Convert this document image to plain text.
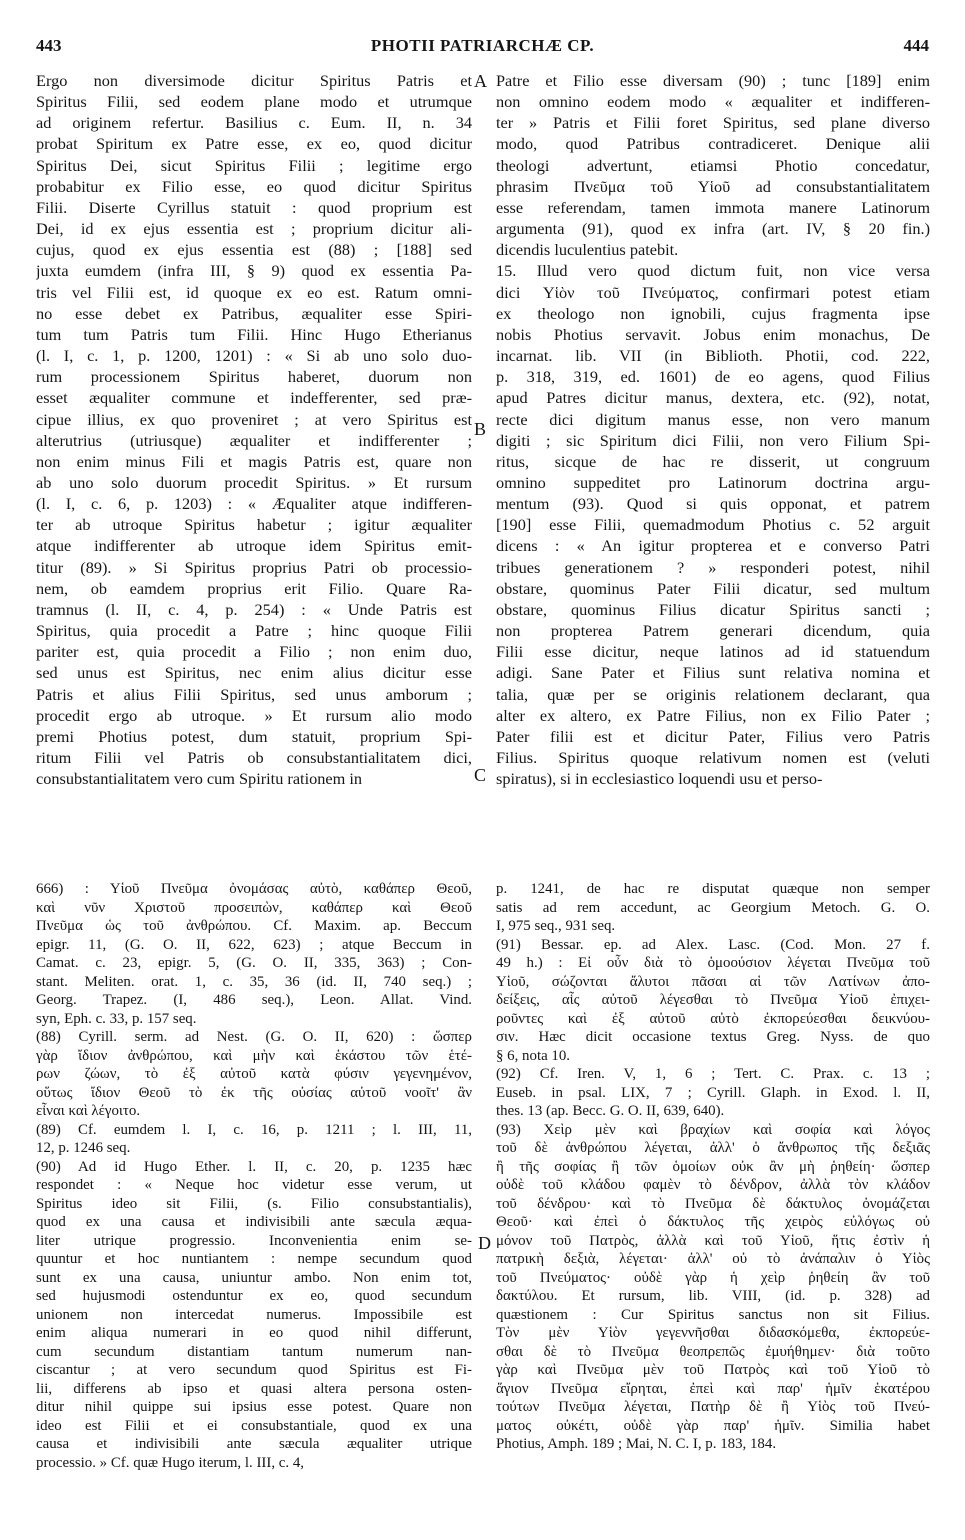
443	PHOTII PATRIARCHÆ CP.	444
Ergo non diversimode dicitur Spiritus Patris et
Spiritus Filii, sed eodem plane modo et utrumque
ad originem refertur. Basilius c. Eum. II, n. 34
probat Spiritum ex Patre esse, ex eo, quod dicitur
Spiritus Dei, sicut Spiritus Filii ; legitime ergo
probabitur ex Filio esse, eo quod dicitur Spiritus
Filii. Diserte Cyrillus statuit : quod proprium est
Dei, id ex ejus essentia est ; proprium dicitur ali-
cujus, quod ex ejus essentia est (88) ; [188] sed
juxta eumdem (infra III, § 9) quod ex essentia Pa-
tris vel Filii est, id quoque ex eo est. Ratum omni-
no esse debet ex Patribus, æqualiter esse Spiri-
tum tum Patris tum Filii. Hinc Hugo Etherianus
(l. I, c. 1, p. 1200, 1201) : « Si ab uno solo duo-
rum processionem Spiritus haberet, duorum non
esset æqualiter commune et indefferenter, sed præ-
cipue illius, ex quo proveniret ; at vero Spiritus est
alterutrius (utriusque) æqualiter et indifferenter ;
non enim minus Fili et magis Patris est, quare non
ab uno solo duorum procedit Spiritus. » Et rursum
(l. I, c. 6, p. 1203) : « Æqualiter atque indifferen-
ter ab utroque Spiritus habetur ; igitur æqualiter
atque indifferenter ab utroque idem Spiritus emit-
titur (89). » Si Spiritus proprius Patri ob processio-
nem, ob eamdem proprius erit Filio. Quare Ra-
tramnus (l. II, c. 4, p. 254) : « Unde Patris est
Spiritus, quia procedit a Patre ; hinc quoque Filii
pariter est, quia procedit a Filio ; non enim duo,
sed unus est Spiritus, nec enim alius dicitur esse
Patris et alius Filii Spiritus, sed unus amborum ;
procedit ergo ab utroque. » Et rursum alio modo
premi Photius potest, dum statuit, proprium Spi-
ritum Filii vel Patris ob consubstantialitatem dici,
consubstantialitatem vero cum Spiritu rationem in
Patre et Filio esse diversam (90) ; tunc [189] enim
non omnino eodem modo « æqualiter et indifferen-
ter » Patris et Filii foret Spiritus, sed plane diverso
modo, quod Patribus contradiceret. Denique alii
theologi advertunt, etiamsi Photio concedatur,
phrasim Πνεῦμα τοῦ Υἱοῦ ad consubstantialitatem
esse referendam, tamen immota manere Latinorum
argumenta (91), quod ex infra (art. IV, § 20 fin.)
dicendis luculentius patebit.
15. Illud vero quod dictum fuit, non vice versa
dici Υἱὸν τοῦ Πνεύματος, confirmari potest etiam
ex theologo non ignobili, cujus fragmenta ipse
nobis Photius servavit. Jobus enim monachus, De
incarnat. lib. VII (in Biblioth. Photii, cod. 222,
p. 318, 319, ed. 1601) de eo agens, quod Filius
apud Patres dicitur manus, dextera, etc. (92), notat,
recte dici digitum manus esse, non vero manum
digiti ; sic Spiritum dici Filii, non vero Filium Spi-
ritus, sicque de hac re disserit, ut congruum
omnino suppeditet pro Latinorum doctrina argu-
mentum (93). Quod si quis opponat, et patrem
[190] esse Filii, quemadmodum Photius c. 52 arguit
dicens : « An igitur propterea et e converso Patri
tribues generationem ? » responderi potest, nihil
obstare, quominus Pater Filii dicatur, sed multum
obstare, quominus Filius dicatur Spiritus sancti ;
non propterea Patrem generari dicendum, quia
Filii esse dicitur, neque latinos ad id statuendum
adigi. Sane Pater et Filius sunt relativa nomina et
talia, quæ per se originis relationem declarant, qua
alter ex altero, ex Patre Filius, non ex Filio Pater ;
Pater filii est et dicitur Pater, Filius vero Patris
Filius. Spiritus quoque relativum nomen est (veluti
spiratus), si in ecclesiastico loquendi usu et perso-
666) : Υἱοῦ Πνεῦμα ὀνομάσας αὐτὸ, καθάπερ Θεοῦ,
καὶ νῦν Χριστοῦ προσειπὼν, καθάπερ καὶ Θεοῦ
Πνεῦμα ὡς τοῦ ἀνθρώπου. Cf. Maxim. ap. Beccum
epigr. 11, (G. O. II, 622, 623) ; atque Beccum in
Camat. c. 23, epigr. 5, (G. O. II, 335, 363) ; Con-
stant. Meliten. orat. 1, c. 35, 36 (id. II, 740 seq.) ;
Georg. Trapez. (I, 486 seq.), Leon. Allat. Vind.
syn, Eph. c. 33, p. 157 seq.
(88) Cyrill. serm. ad Nest. (G. O. II, 620) : ὥσπερ
γὰρ ἴδιον ἀνθρώπου, καὶ μὴν καὶ ἑκάστου τῶν ἑτέ-
ρων ζώων, τὸ ἐξ αὐτοῦ κατὰ φύσιν γεγενημένον,
οὕτως ἴδιον Θεοῦ τὸ ἐκ τῆς οὐσίας αὐτοῦ νοοῖτ' ἂν
εἶναι καὶ λέγοιτο.
(89) Cf. eumdem l. I, c. 16, p. 1211 ; l. III, 11,
12, p. 1246 seq.
(90) Ad id Hugo Ether. l. II, c. 20, p. 1235 hæc
respondet : « Neque hoc videtur esse verum, ut
Spiritus ideo sit Filii, (s. Filio consubstantialis),
quod ex una causa et indivisibili ante sæcula æqua-
liter utrique progressio. Inconvenientia enim se-
quuntur et hoc nuntiantem : nempe secundum quod
sunt ex una causa, uniuntur ambo. Non enim tot,
sed hujusmodi ostenduntur ex eo, quod secundum
unionem non intercedat numerus. Impossibile est
enim aliqua numerari in eo quod nihil differunt,
cum secundum distantiam tantum numerum nan-
ciscantur ; at vero secundum quod Spiritus est Fi-
lii, differens ab ipso et quasi altera persona osten-
ditur nihil quippe sui ipsius esse potest. Quare non
ideo est Filii et ei consubstantiale, quod ex una
causa et indivisibili ante sæcula æqualiter utrique
processio. » Cf. quæ Hugo iterum, l. III, c. 4,
p. 1241, de hac re disputat quæque non semper
satis ad rem accedunt, ac Georgium Metoch. G. O.
I, 975 seq., 931 seq.
(91) Bessar. ep. ad Alex. Lasc. (Cod. Mon. 27 f.
49 h.) : Εἰ οὖν διὰ τὸ ὁμοούσιον λέγεται Πνεῦμα τοῦ
Υἱοῦ, σώζονται ἄλυτοι πᾶσαι αἱ τῶν Λατίνων ἀπο-
δείξεις, αἷς αὐτοῦ λέγεσθαι τὸ Πνεῦμα Υἱοῦ ἐπιχει-
ροῦντες καὶ ἐξ αὐτοῦ αὐτὸ ἐκπορεύεσθαι δεικνύου-
σιν. Hæc dicit occasione textus Greg. Nyss. de quo
§ 6, nota 10.
(92) Cf. Iren. V, 1, 6 ; Tert. C. Prax. c. 13 ;
Euseb. in psal. LIX, 7 ; Cyrill. Glaph. in Exod. l. II,
thes. 13 (ap. Becc. G. O. II, 639, 640).
(93) Χεὶρ μὲν καὶ βραχίων καὶ σοφία καὶ λόγος
τοῦ δὲ ἀνθρώπου λέγεται, ἀλλ' ὁ ἄνθρωπος τῆς δεξιᾶς
ἢ τῆς σοφίας ἢ τῶν ὁμοίων οὐκ ἂν μὴ ῥηθείη· ὥσπερ
οὐδὲ τοῦ κλάδου φαμὲν τὸ δένδρον, ἀλλὰ τὸν κλάδον
τοῦ δένδρου· καὶ τὸ Πνεῦμα δὲ δάκτυλος ὀνομάζεται
Θεοῦ· καὶ ἐπεὶ ὁ δάκτυλος τῆς χειρὸς εὐλόγως οὐ
μόνον τοῦ Πατρὸς, ἀλλὰ καὶ τοῦ Υἱοῦ, ἥτις ἐστὶν ἡ
πατρικὴ δεξιὰ, λέγεται· ἀλλ' οὐ τὸ ἀνάπαλιν ὁ Υἱὸς
τοῦ Πνεύματος· οὐδὲ γὰρ ἡ χεὶρ ῥηθείη ἂν τοῦ
δακτύλου. Et rursum, lib. VIII, (id. p. 328) ad
quæstionem : Cur Spiritus sanctus non sit Filius.
Τὸν μὲν Υἱὸν γεγεννῆσθαι διδασκόμεθα, ἐκπορεύε-
σθαι δὲ τὸ Πνεῦμα θεοπρεπῶς ἐμυήθημεν· διὰ τοῦτο
γὰρ καὶ Πνεῦμα μὲν τοῦ Πατρὸς καὶ τοῦ Υἱοῦ τὸ
ἅγιον Πνεῦμα εἴρηται, ἐπεὶ καὶ παρ' ἡμῖν ἑκατέρου
τούτων Πνεῦμα λέγεται, Πατὴρ δὲ ἢ Υἱὸς τοῦ Πνεύ-
ματος οὐκέτι, οὐδὲ γὰρ παρ' ἡμῖν. Similia habet
Photius, Amph. 189 ; Mai, N. C. I, p. 183, 184.
A
B
C
D
